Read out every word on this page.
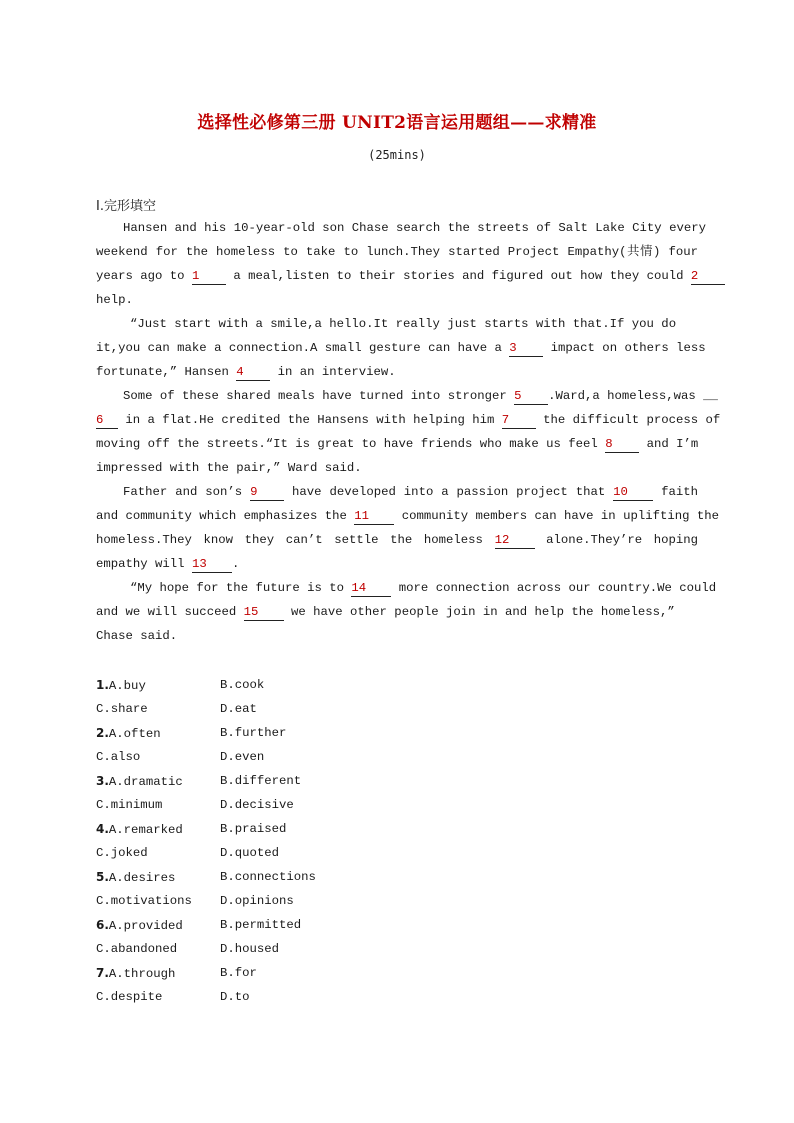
选择性必修第三册 UNIT2语言运用题组——求精准
(25mins)
Ⅰ.完形填空
Hansen and his 10-year-old son Chase search the streets of Salt Lake City every
weekend for the homeless to take to lunch.They started Project Empathy(共情) four
years ago to 1	a meal,listen to their stories and figured out how they could 2
help.
“Just start with a smile,a hello.It really just starts with that.If you do
it,you can make a connection.A small gesture can have a 3	impact on others less
fortunate,” Hansen 4	in an interview.
Some of these shared meals have turned into stronger 5 .Ward,a homeless,was __
6 in a flat.He credited the Hansens with helping him 7	the difficult process of
moving off the streets.“It is great to have friends who make us feel 8	and I’m
impressed with the pair,” Ward said.
Father and son’s 9	have developed into a passion project that 10	faith
and community which emphasizes the 11	community members can have in uplifting the
homeless.They know they can’t settle the homeless 12	alone.They’re hoping
empathy will 13 .
“My hope for the future is to 14	more connection across our country.We could
and we will succeed 15	we have other people join in and help the homeless,”
Chase said.
1.A.buy	B.cook
C.share	D.eat
2.A.often	B.further
C.also	D.even
3.A.dramatic	B.different
C.minimum	D.decisive
4.A.remarked	B.praised
C.joked	D.quoted
5.A.desires	B.connections
C.motivations D.opinions
6.A.provided	B.permitted
C.abandoned	D.housed
7.A.through	B.for
C.despite	D.to
